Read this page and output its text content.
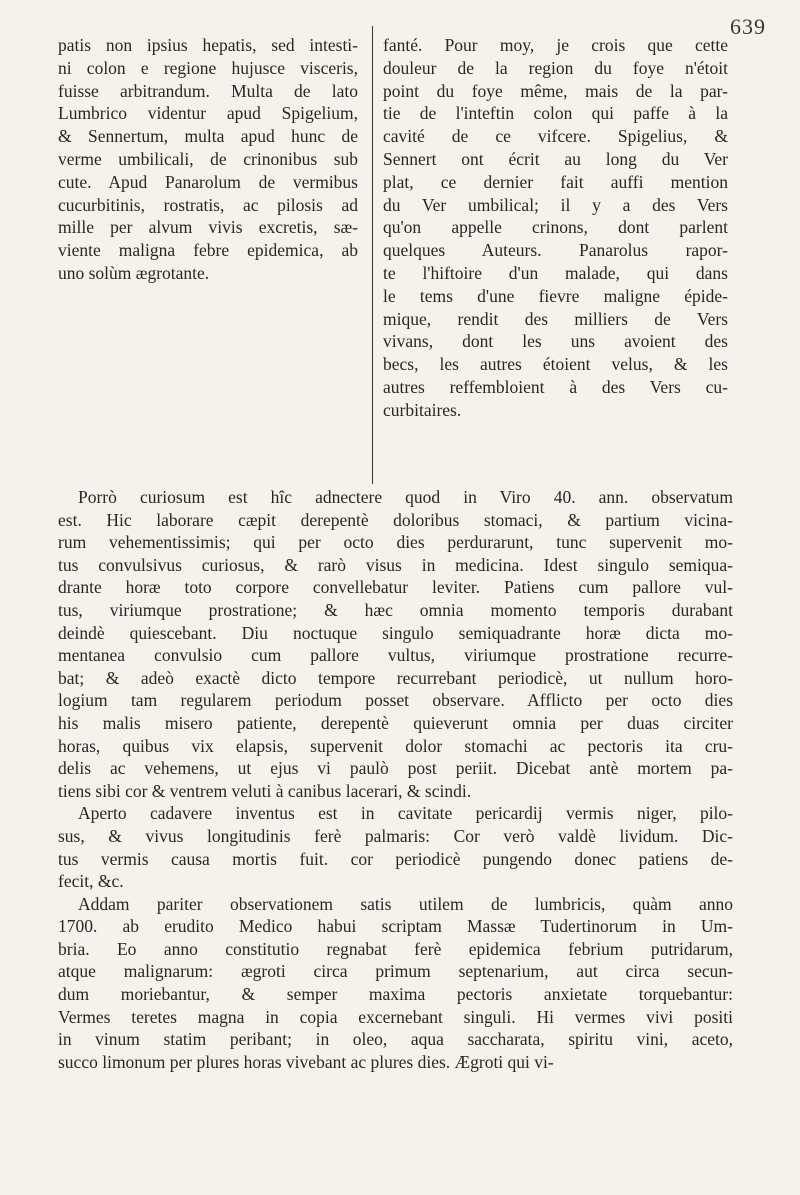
639
patis non ipsius hepatis, sed intesti-
ni colon e regione hujusce visceris,
fuisse arbitrandum. Multa de lato
Lumbrico videntur apud Spigelium,
& Sennertum, multa apud hunc de
verme umbilicali, de crinonibus sub
cute. Apud Panarolum de vermibus
cucurbitinis, rostratis, ac pilosis ad
mille per alvum vivis excretis, sæ-
viente maligna febre epidemica, ab
uno solùm ægrotante.
fanté. Pour moy, je crois que cette
douleur de la region du foye n'étoit
point du foye même, mais de la par-
tie de l'inteftin colon qui paffe à la
cavité de ce vifcere. Spigelius, &
Sennert ont écrit au long du Ver
plat, ce dernier fait auffi mention
du Ver umbilical; il y a des Vers
qu'on appelle crinons, dont parlent
quelques Auteurs. Panarolus rapor-
te l'hiftoire d'un malade, qui dans
le tems d'une fievre maligne épide-
mique, rendit des milliers de Vers
vivans, dont les uns avoient des
becs, les autres étoient velus, & les
autres reffembloient à des Vers cu-
curbitaires.
Porrò curiosum est hîc adnectere quod in Viro 40. ann. observatum
est. Hic laborare cæpit derepentè doloribus stomaci, & partium vicina-
rum vehementissimis; qui per octo dies perdurarunt, tunc supervenit mo-
tus convulsivus curiosus, & rarò visus in medicina. Idest singulo semiqua-
drante horæ toto corpore convellebatur leviter. Patiens cum pallore vul-
tus, viriumque prostratione; & hæc omnia momento temporis durabant
deindè quiescebant. Diu noctuque singulo semiquadrante horæ dicta mo-
mentanea convulsio cum pallore vultus, viriumque prostratione recurre-
bat; & adeò exactè dicto tempore recurrebant periodicè, ut nullum horo-
logium tam regularem periodum posset observare. Afflicto per octo dies
his malis misero patiente, derepentè quieverunt omnia per duas circiter
horas, quibus vix elapsis, supervenit dolor stomachi ac pectoris ita cru-
delis ac vehemens, ut ejus vi paulò post periit. Dicebat antè mortem pa-
tiens sibi cor & ventrem veluti à canibus lacerari, & scindi.
Aperto cadavere inventus est in cavitate pericardij vermis niger, pilo-
sus, & vivus longitudinis ferè palmaris: Cor verò valdè lividum. Dic-
tus vermis causa mortis fuit. cor periodicè pungendo donec patiens de-
fecit, &c.
Addam pariter observationem satis utilem de lumbricis, quàm anno
1700. ab erudito Medico habui scriptam Massæ Tudertinorum in Um-
bria. Eo anno constitutio regnabat ferè epidemica febrium putridarum,
atque malignarum: ægroti circa primum septenarium, aut circa secun-
dum moriebantur, & semper maxima pectoris anxietate torquebantur:
Vermes teretes magna in copia excernebant singuli. Hi vermes vivi positi
in vinum statim peribant; in oleo, aqua saccharata, spiritu vini, aceto,
succo limonum per plures horas vivebant ac plures dies. Ægroti qui vi-
